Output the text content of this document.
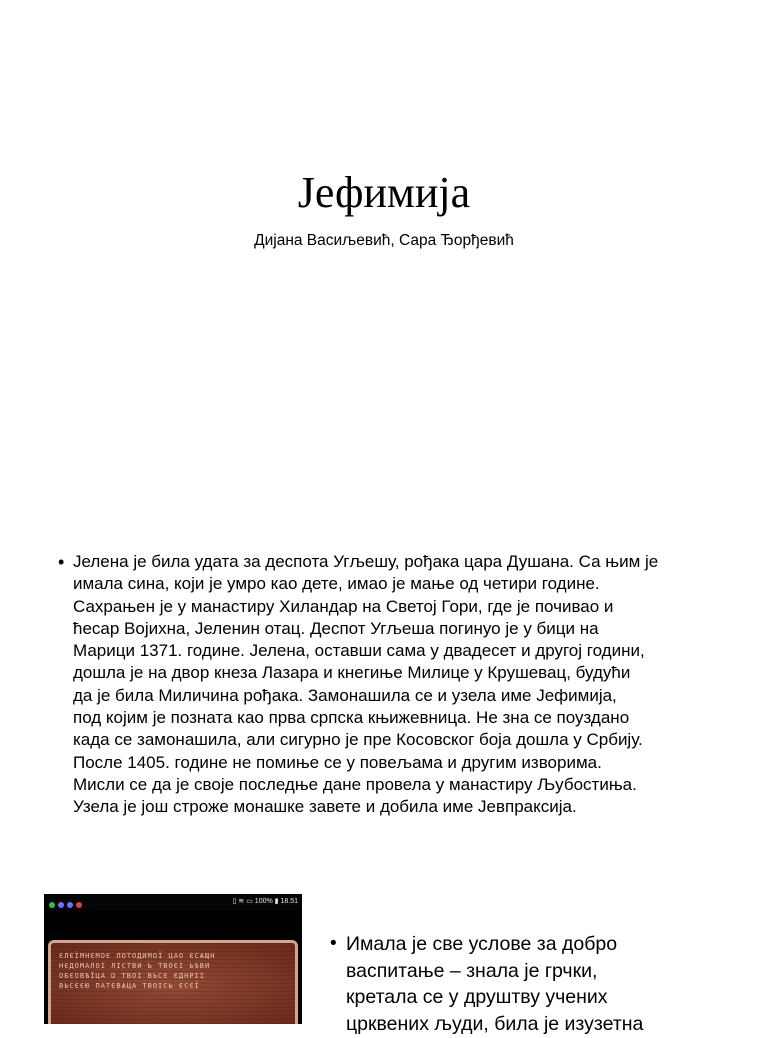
Јефимија
Дијана Васиљевић, Сара Ђорђевић
• Јелена је била удата за деспота Угљешу, рођака цара Душана. Са њим је
имала сина, који је умро као дете, имао је мање од четири године.
Сахрањен је у манастиру Хиландар на Светој Гори, где је почивао и
ћесар Војихна, Јеленин отац. Деспот Угљеша погинуо је у бици на
Марици 1371. године. Јелена, оставши сама у двадесет и другој години,
дошла је на двор кнеза Лазара и кнегиње Милице у Крушевац, будући
да је била Миличина рођака. Замонашила се и узела име Јефимија,
под којим је позната као прва српска књижевница. Не зна се поуздано
када се замонашила, али сигурно је пре Косовског боја дошла у Србију.
После 1405. године не помиње се у повељама и другим изворима.
Мисли се да је своје последње дане провела у манастиру Љубостиња.
Узела је још строже монашке завете и добила име Јевпраксија.
▯ ≋ ▭ 100% ▮ 18.51
ЄЛЄЇМНЄМОЄ ЛОТОДИМОЇ ЦАО ЄСѦЩН
НЄДОМАЛОІ ЛІСТВИ Ь ТВОЄІ ЬѢВИ
ОБЄОВѢЇЦА Ѡ ТВОІ ВЬСЄ ЄДНРІІ
ВЬСЄЄЮ ПАТЄВѦЦА ТВОІСЬ ЄСЄЇ
• Имала је све услове за добро
васпитање – знала је грчки,
кретала се у друштву учених
црквених људи, била је изузетна
